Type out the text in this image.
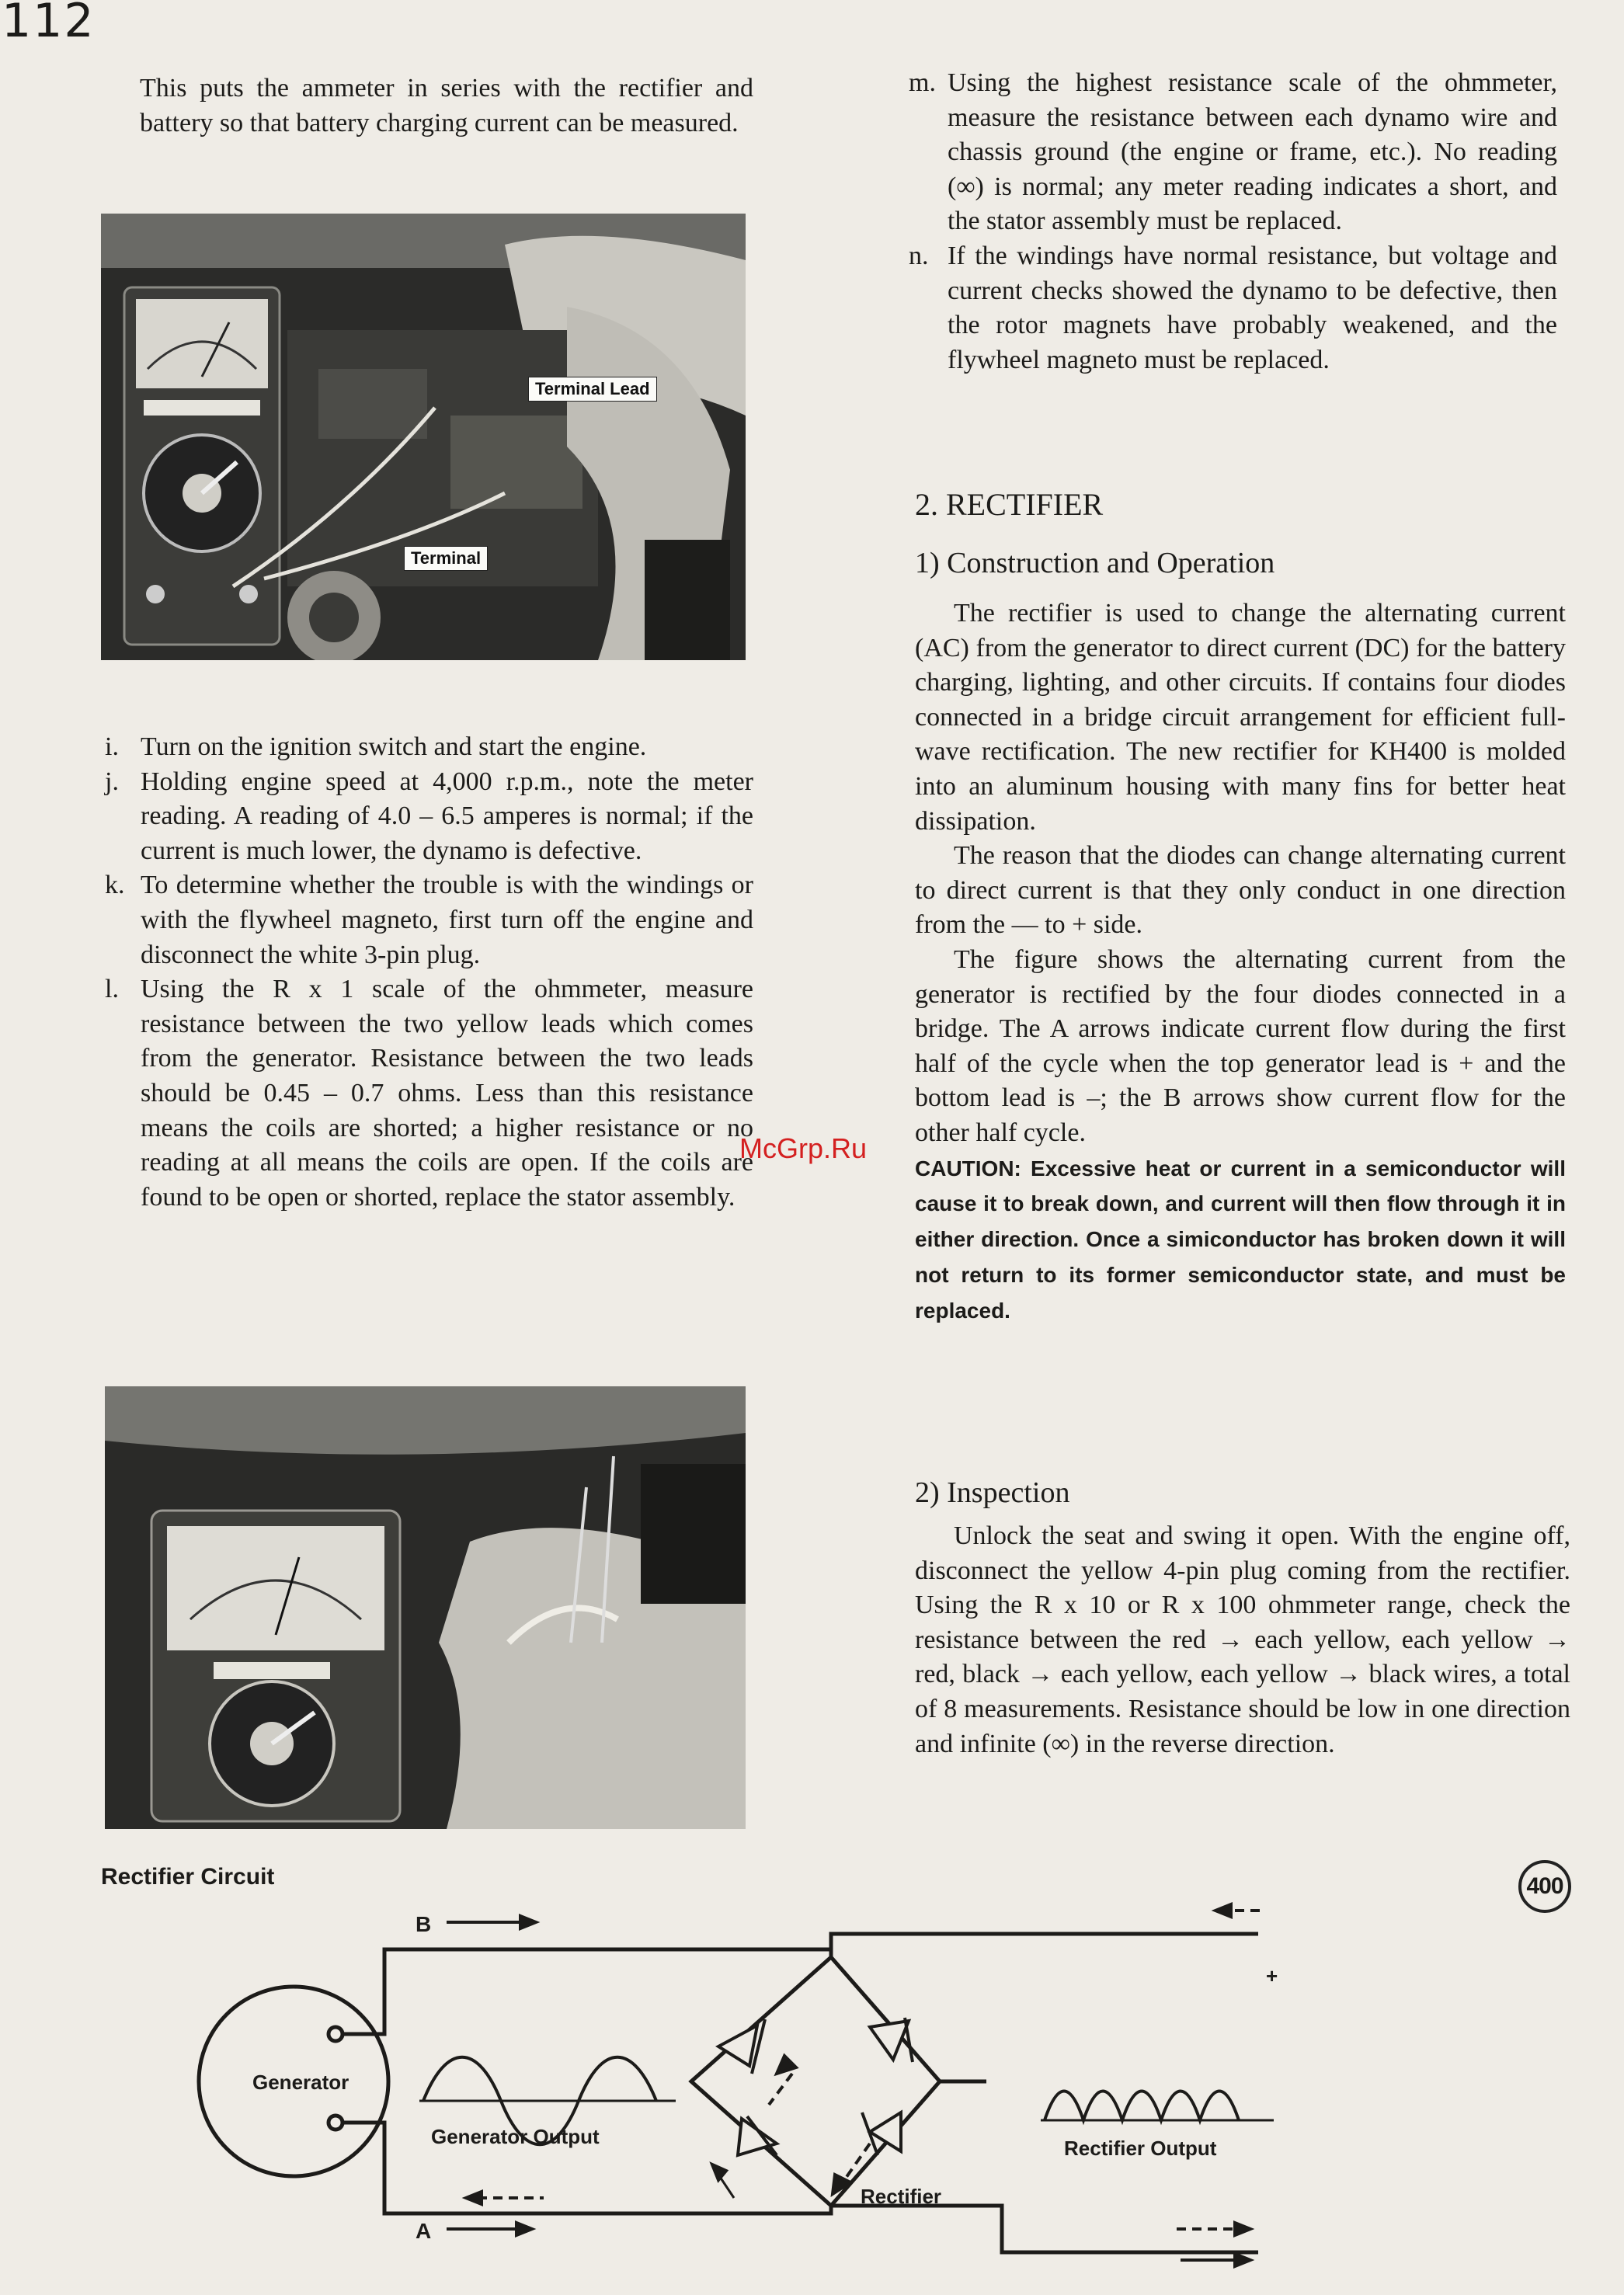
112

This puts the ammeter in series with the rectifier and battery so that battery charging current can be measured.

Terminal Lead
Terminal
i. Turn on the ignition switch and start the engine.
j. Holding engine speed at 4,000 r.p.m., note the meter reading. A reading of 4.0 – 6.5 amperes is normal; if the current is much lower, the dynamo is defective.
k. To determine whether the trouble is with the windings or with the flywheel magneto, first turn off the engine and disconnect the white 3-pin plug.
l. Using the R x 1 scale of the ohmmeter, measure resistance between the two yellow leads which comes from the generator. Resistance between the two leads should be 0.45 – 0.7 ohms. Less than this resistance means the coils are shorted; a higher resistance or no reading at all means the coils are open. If the coils are found to be open or shorted, replace the stator assembly.
Rectifier Circuit
m. Using the highest resistance scale of the ohmmeter, measure the resistance between each dynamo wire and chassis ground (the engine or frame, etc.). No reading (∞) is normal; any meter reading indicates a short, and the stator assembly must be replaced.
n. If the windings have normal resistance, but voltage and current checks showed the dynamo to be defective, then the rotor magnets have probably weakened, and the flywheel magneto must be replaced.
2. RECTIFIER
1) Construction and Operation

The rectifier is used to change the alternating current (AC) from the generator to direct current (DC) for the battery charging, lighting, and other circuits. If contains four diodes connected in a bridge circuit arrangement for efficient full-wave rectification. The new rectifier for KH400 is molded into an aluminum housing with many fins for better heat dissipation.

The reason that the diodes can change alternating current to direct current is that they only conduct in one direction from the — to + side.

The figure shows the alternating current from the generator is rectified by the four diodes connected in a bridge. The A arrows indicate current flow during the first half of the cycle when the top generator lead is + and the bottom lead is –; the B arrows show current flow for the other half cycle.

CAUTION: Excessive heat or current in a semiconductor will cause it to break down, and current will then flow through it in either direction. Once a simiconductor has broken down it will not return to its former semiconductor state, and must be replaced.

2) Inspection

Unlock the seat and swing it open. With the engine off, disconnect the yellow 4-pin plug coming from the rectifier. Using the R x 10 or R x 100 ohmmeter range, check the resistance between the red → each yellow, each yellow → red, black → each yellow, each yellow → black wires, a total of 8 measurements. Resistance should be low in one direction and infinite (∞) in the reverse direction.

400
McGrp.Ru
Generator
Generator Output	Rectifier Output
Rectifier
B
A
+
